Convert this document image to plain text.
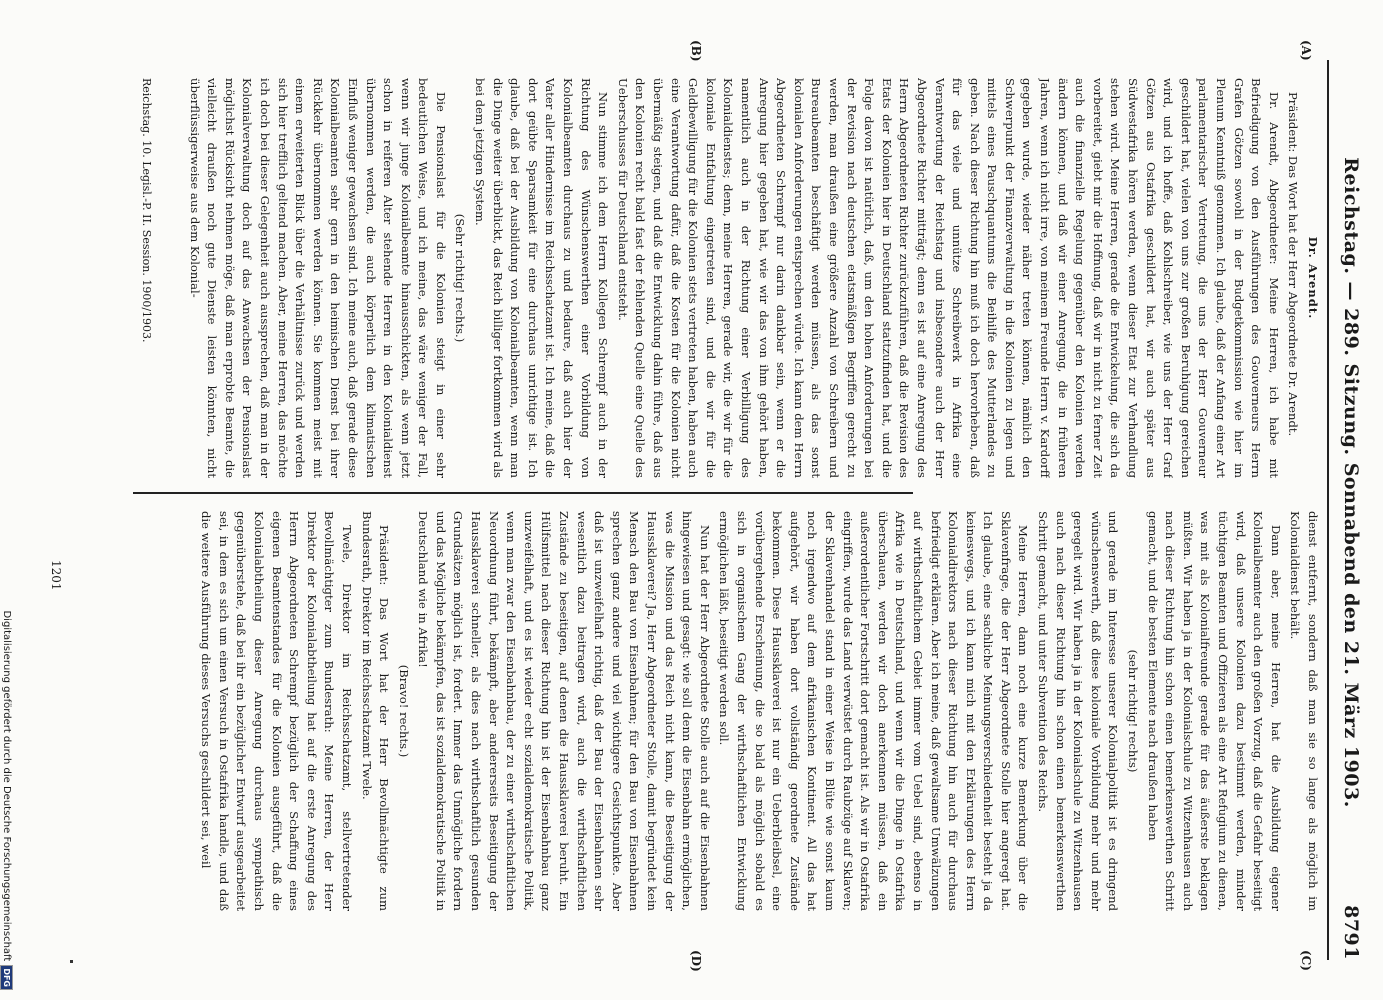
Reichstag. — 289. Sitzung. Sonnabend den 21. März 1903.
8791
(A)
(B)
(C)
(D)

Dr. Arendt.

Präsident: Das Wort hat der Herr Abgeordnete Dr. Arendt.

Dr. Arendt, Abgeordneter: Meine Herren, ich habe mit Befriedigung von den Ausführungen des Gouverneurs Herrn Grafen Götzen sowohl in der Budgetkommission wie hier im Plenum Kenntniß genommen. Ich glaube, daß der Anfang einer Art parlamentarischer Vertretung, die uns der Herr Gouverneur geschildert hat, vielen von uns zur großen Beruhigung gereichen wird, und ich hoffe, daß Kohlschreiber, wie uns der Herr Graf Götzen aus Ostafrika geschildert hat, wir auch später aus Südwestafrika hören werden, wenn dieser Etat zur Verhandlung stehen wird. Meine Herren, gerade die Entwickelung, die sich da vorbereitet, giebt mir die Hoffnung, daß wir in nicht zu ferner Zeit auch die finanzielle Regelung gegenüber den Kolonien werden ändern können, und daß wir einer Anregung, die in früheren Jahren, wenn ich nicht irre, von meinem Freunde Herrn v. Kardorff gegeben wurde, wieder näher treten können, nämlich den Schwerpunkt der Finanzverwaltung in die Kolonien zu legen und mittels eines Pauschquantums die Beihilfe des Mutterlandes zu geben. Nach dieser Richtung hin muß ich doch hervorheben, daß für das viele und unnütze Schreibwerk in Afrika eine Verantwortung der Reichstag und insbesondere auch der Herr Abgeordnete Richter mitträgt; denn es ist auf eine Anregung des Herrn Abgeordneten Richter zurückzuführen, daß die Revision des Etats der Kolonien hier in Deutschland stattzufinden hat, und die Folge davon ist natürlich, daß, um den hohen Anforderungen bei der Revision nach deutschen etatsmäßigen Begriffen gerecht zu werden, man draußen eine größere Anzahl von Schreibern und Bureaubeamten beschäftigt werden müssen, als das sonst kolonialen Anforderungen entsprechen würde. Ich kann dem Herrn Abgeordneten Schrempf nur darin dankbar sein, wenn er die Anregung hier gegeben hat, wie wir das von ihm gehört haben, namentlich auch in der Richtung einer Verbilligung des Kolonialdienstes; denn, meine Herren, gerade wir, die wir für die koloniale Entfaltung eingetreten sind, und die wir für die Geldbewilligung für die Kolonien stets vertreten haben, haben auch eine Verantwortung dafür, daß die Kosten für die Kolonien nicht übermäßig steigen, und daß die Entwicklung dahin führe, daß aus den Kolonien recht bald fast der fehlenden Quelle eine Quelle des Ueberschusses für Deutschland entsteht.

Nun stimme ich dem Herrn Kollegen Schrempf auch in der Richtung des Wünschenswerthen einer Vorbildung von Kolonialbeamten durchaus zu und bedaure, daß auch hier der Vater aller Hindernisse im Reichsschatzamt ist. Ich meine, daß die dort geübte Sparsamkeit für eine durchaus unrichtige ist. Ich glaube, daß bei der Ausbildung von Kolonialbeamten, wenn man die Dinge weiter überblickt, das Reich billiger fortkommen wird als bei dem jetzigen System.

(Sehr richtig! rechts.)

Die Pensionslast für die Kolonien steigt in einer sehr bedeutlichen Weise, und ich meine, das wäre weniger der Fall, wenn wir junge Kolonialbeamte hinausschickten, als wenn jetzt schon in reiferen Alter stehende Herren in den Kolonialdienst übernommen werden, die auch körperlich dem klimatischen Einfluß weniger gewachsen sind. Ich meine auch, daß gerade diese Kolonialbeamten sehr gern in den heimischen Dienst bei ihrer Rückkehr übernommen werden können. Sie kommen meist mit einem erweiterten Blick über die Verhältnisse zurück und werden sich hier trefflich geltend machen. Aber, meine Herren, das möchte ich doch bei dieser Gelegenheit auch aussprechen, daß man in der Kolonialverwaltung doch auf das Anwachsen der Pensionslast möglichst Rücksicht nehmen möge, daß man erprobte Beamte, die vielleicht draußen noch gute Dienste leisten könnten, nicht überflüssigerweise aus dem Kolonial-

dienst entfernt, sondern daß man sie so lange als möglich im Kolonialdienst behält.

Dann aber, meine Herren, hat die Ausbildung eigener Kolonialbeamter auch den großen Vorzug, daß die Gefahr beseitigt wird, daß unsere Kolonien dazu bestimmt werden, minder tüchtigen Beamten und Offizieren als eine Art Refugium zu dienen, was mit als Kolonialfreunde gerade für das äußerste beklagen müßten. Wir haben ja in der Kolonialschule zu Witzenhausen auch nach dieser Richtung hin schon einen bemerkenswerthen Schritt gemacht, und die besten Elemente nach draußen haben

(sehr richtig! rechts)

und gerade im Interesse unserer Kolonialpolitik ist es dringend wünschenswerth, daß diese koloniale Vorbildung mehr und mehr geregelt wird. Wir haben ja in der Kolonialschule zu Witzenhausen auch nach dieser Richtung hin schon einen bemerkenswerthen Schritt gemacht, und unter Subvention des Reichs.

Meine Herren, dann noch eine kurze Bemerkung über die Sklavenfrage, die der Herr Abgeordnete Stolle hier angeregt hat. Ich glaube, eine sachliche Meinungsverschiedenheit besteht ja da keineswegs, und ich kann mich mit den Erklärungen des Herrn Kolonialdirektors nach dieser Richtung hin auch für durchaus befriedigt erklären. Aber ich meine, daß gewaltsame Umwälzungen auf wirthschaftlichem Gebiet immer vom Uebel sind, ebenso in Afrika wie in Deutschland, und wenn wir die Dinge in Ostafrika überschauen, werden wir doch anerkennen müssen, daß ein außerordentlicher Fortschritt dort gemacht ist. Als wir in Ostafrika eingriffen, wurde das Land verwüstet durch Raubzüge auf Sklaven; der Sklavenhandel stand in einer Weise in Blüte wie sonst kaum noch irgendwo auf dem afrikanischen Kontinent. All das hat aufgehört, wir haben dort vollständig geordnete Zustände bekommen. Diese Haussklaverei ist nur ein Ueberbleibsel, eine vorübergehende Erscheinung, die so bald als möglich sobald es sich in organischem Gang der wirthschaftlichen Entwicklung ermöglichen läßt, beseitigt werden soll.

Nun hat der Herr Abgeordnete Stolle auch auf die Eisenbahnen hingewiesen und gesagt: wie soll denn die Eisenbahn ermöglichen, was die Mission und das Reich nicht kann, die Beseitigung der Haussklaverei? Ja, Herr Abgeordneter Stolle, damit begründet kein Mensch den Bau von Eisenbahnen; für den Bau von Eisenbahnen sprechen ganz andere und viel wichtigere Gesichtspunkte. Aber daß ist unzweifelhaft richtig, daß der Bau der Eisenbahnen sehr wesentlich dazu beitragen wird, auch die wirthschaftlichen Zustände zu beseitigen, auf denen die Haussklaverei beruht. Ein Hülfsmittel nach dieser Richtung hin ist der Eisenbahnbau ganz unzweifelhaft, und es ist wieder echt sozialdemokratische Politik, wenn man zwar den Eisenbahnbau, der zu einer wirthschaftlichen Neuordnung führt, bekämpft, aber andererseits Beseitigung der Haussklaverei schneller, als dies nach wirthschaftlich gesunden Grundsätzen möglich ist, fordert. Immer das Unmögliche fordern und das Mögliche bekämpfen, das ist sozialdemokratische Politik in Deutschland wie in Afrika!

(Bravo! rechts.)

Präsident: Das Wort hat der Herr Bevollmächtigte zum Bundesrath, Direktor im Reichsschatzamt Twele.

Twele, Direktor im Reichsschatzamt, stellvertretender Bevollmächtigter zum Bundesrath: Meine Herren, der Herr Direktor der Kolonialabtheilung hat auf die erste Anregung des Herrn Abgeordneten Schrempf bezüglich der Schaffung eines eigenen Beamtenstandes für die Kolonien ausgeführt, daß die Kolonialabtheilung dieser Anregung durchaus sympathisch gegenüberstehe, daß bei ihr ein bezüglicher Entwurf ausgearbeitet sei, in dem es sich um einen Versuch in Ostafrika handle, und daß die weitere Ausführung dieses Versuchs geschildert sei, weil

Reichstag. 10. Legisl.-P. II. Session. 1900/1903.
1201
Digitalisierung gefördert durch die Deutsche Forschungsgemeinschaft
DFG
